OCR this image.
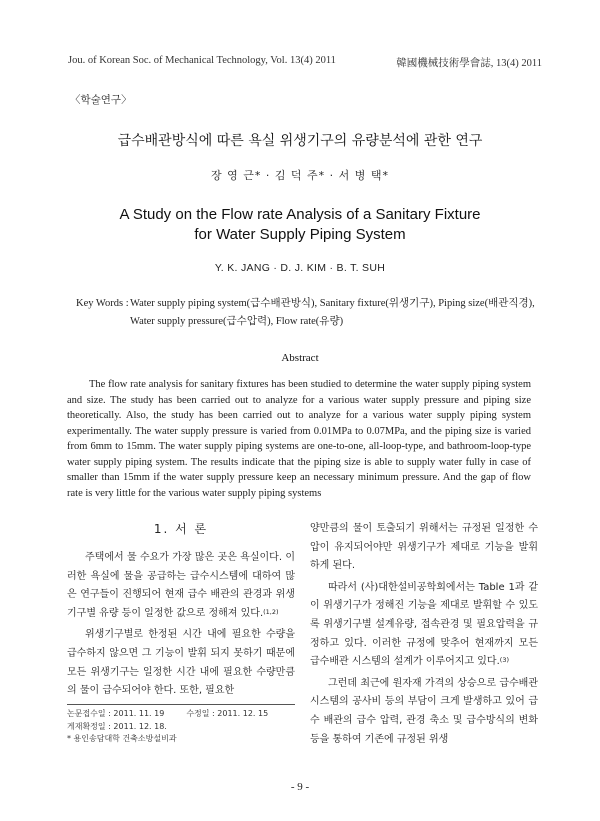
Jou. of Korean Soc. of Mechanical Technology, Vol. 13(4) 2011	韓國機械技術學會誌, 13(4) 2011
〈학술연구〉
급수배관방식에 따른 욕실 위생기구의 유량분석에 관한 연구
장 영 근* · 김 덕 주* · 서 병 택*
A Study on the Flow rate Analysis of a Sanitary Fixture
for Water Supply Piping System
Y. K. JANG · D. J. KIM · B. T. SUH
Key Words : Water supply piping system(급수배관방식), Sanitary fixture(위생기구), Piping size(배관직경),
Water supply pressure(급수압력), Flow rate(유량)
Abstract
The flow rate analysis for sanitary fixtures has been studied to determine the water supply piping system and size. The study has been carried out to analyze for a various water supply pressure and piping size theoretically. Also, the study has been carried out to analyze for a various water supply piping system experimentally. The water supply pressure is varied from 0.01MPa to 0.07MPa, and the piping size is varied from 6mm to 15mm. The water supply piping systems are one-to-one, all-loop-type, and bathroom-loop-type water supply piping system. The results indicate that the piping size is able to supply water fully in case of smaller than 15mm if the water supply pressure keep an necessary minimum pressure. And the gap of flow rate is very little for the various water supply piping systems
1. 서 론

주택에서 물 수요가 가장 많은 곳은 욕실이다. 이러한 욕실에 물을 공급하는 급수시스템에 대하여 많은 연구들이 진행되어 현재 급수 배관의 관경과 위생기구별 유량 등이 일정한 값으로 정해져 있다.$^{(1,2)}$

위생기구별로 한정된 시간 내에 필요한 수량을 급수하지 않으면 그 기능이 발휘 되지 못하기 때문에 모든 위생기구는 일정한 시간 내에 필요한 수량만큼의 물이 급수되어야 한다. 또한, 필요한

양만큼의 물이 토출되기 위해서는 규정된 일정한 수압이 유지되어야만 위생기구가 제대로 기능을 발휘하게 된다.

따라서 (사)대한설비공학회에서는 Table 1과 같이 위생기구가 정해진 기능을 제대로 발휘할 수 있도록 위생기구별 설계유량, 접속관경 및 필요압력을 규정하고 있다. 이러한 규정에 맞추어 현재까지 모든 급수배관 시스템의 설계가 이루어지고 있다.$^{(3)}$

그런데 최근에 원자재 가격의 상승으로 급수배관 시스템의 공사비 등의 부담이 크게 발생하고 있어 급수 배관의 급수 압력, 관경 축소 및 급수방식의 변화 등을 통하여 기존에 규정된 위생

논문접수일 : 2011. 11. 19	수정일 : 2011. 12. 15
게재확정일 : 2011. 12. 18.
* 용인송담대학 건축소방설비과
- 9 -
